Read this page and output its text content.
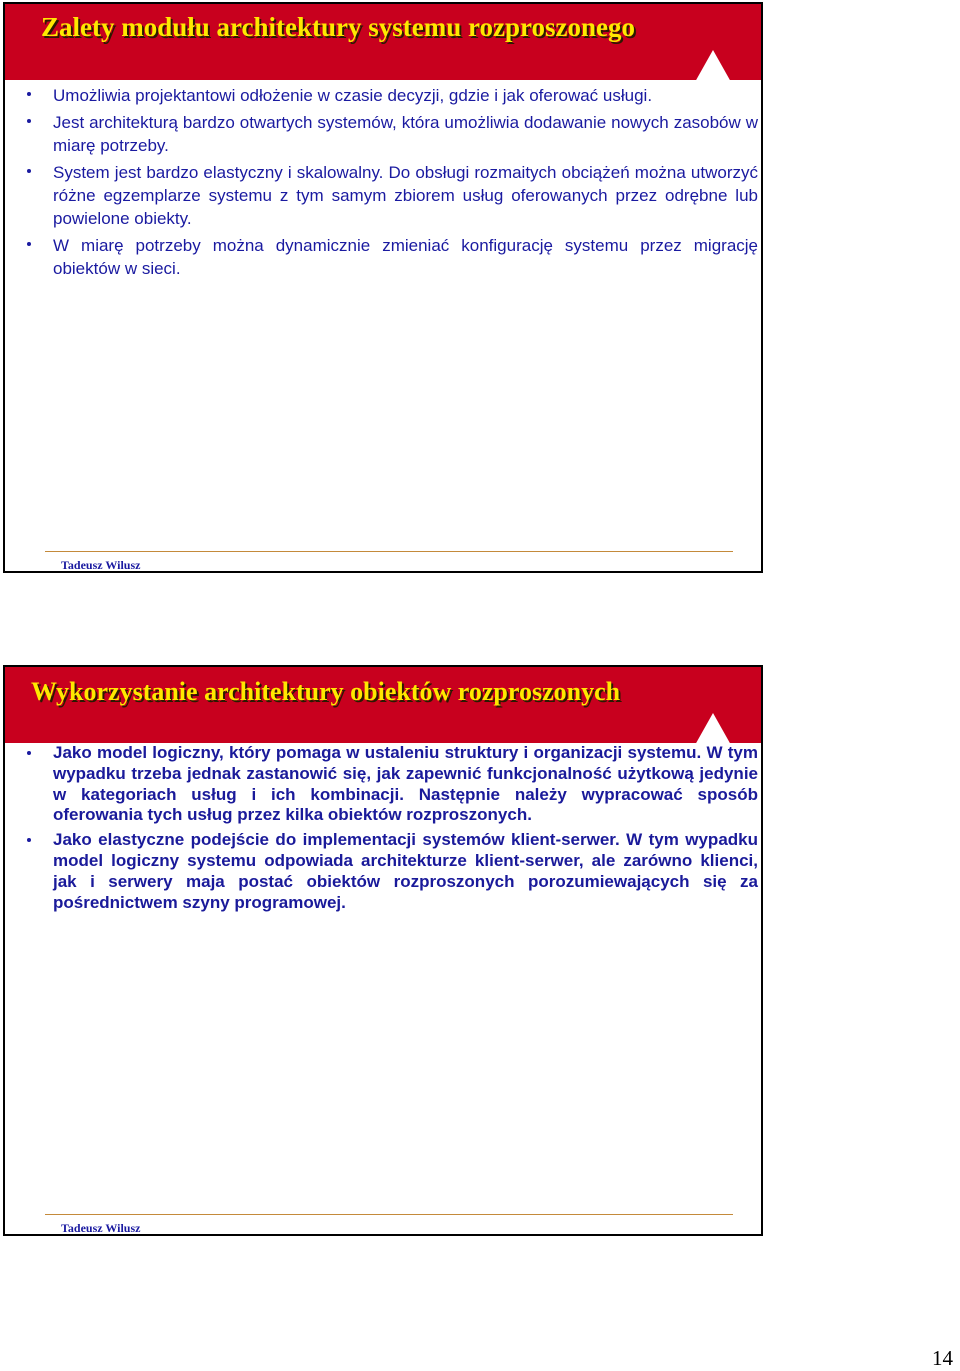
Zalety modułu architektury systemu rozproszonego
Umożliwia projektantowi odłożenie w czasie decyzji, gdzie i jak oferować usługi.
Jest architekturą bardzo otwartych systemów, która umożliwia dodawanie nowych zasobów w miarę potrzeby.
System jest bardzo elastyczny i skalowalny. Do obsługi rozmaitych obciążeń można utworzyć różne egzemplarze systemu z tym samym zbiorem usług oferowanych przez odrębne lub powielone obiekty.
W miarę potrzeby można dynamicznie zmieniać konfigurację systemu przez migrację obiektów w sieci.
Tadeusz Wilusz
Wykorzystanie architektury obiektów rozproszonych
Jako model logiczny, który pomaga w ustaleniu struktury i organizacji systemu. W tym wypadku trzeba jednak zastanowić się, jak zapewnić funkcjonalność użytkową jedynie w kategoriach usług i ich kombinacji. Następnie należy wypracować sposób oferowania tych usług przez kilka obiektów rozproszonych.
Jako elastyczne podejście do implementacji systemów klient-serwer. W tym wypadku model logiczny systemu odpowiada architekturze klient-serwer, ale zarówno klienci, jak i serwery maja postać obiektów rozproszonych porozumiewających się za pośrednictwem szyny programowej.
Tadeusz Wilusz
14
